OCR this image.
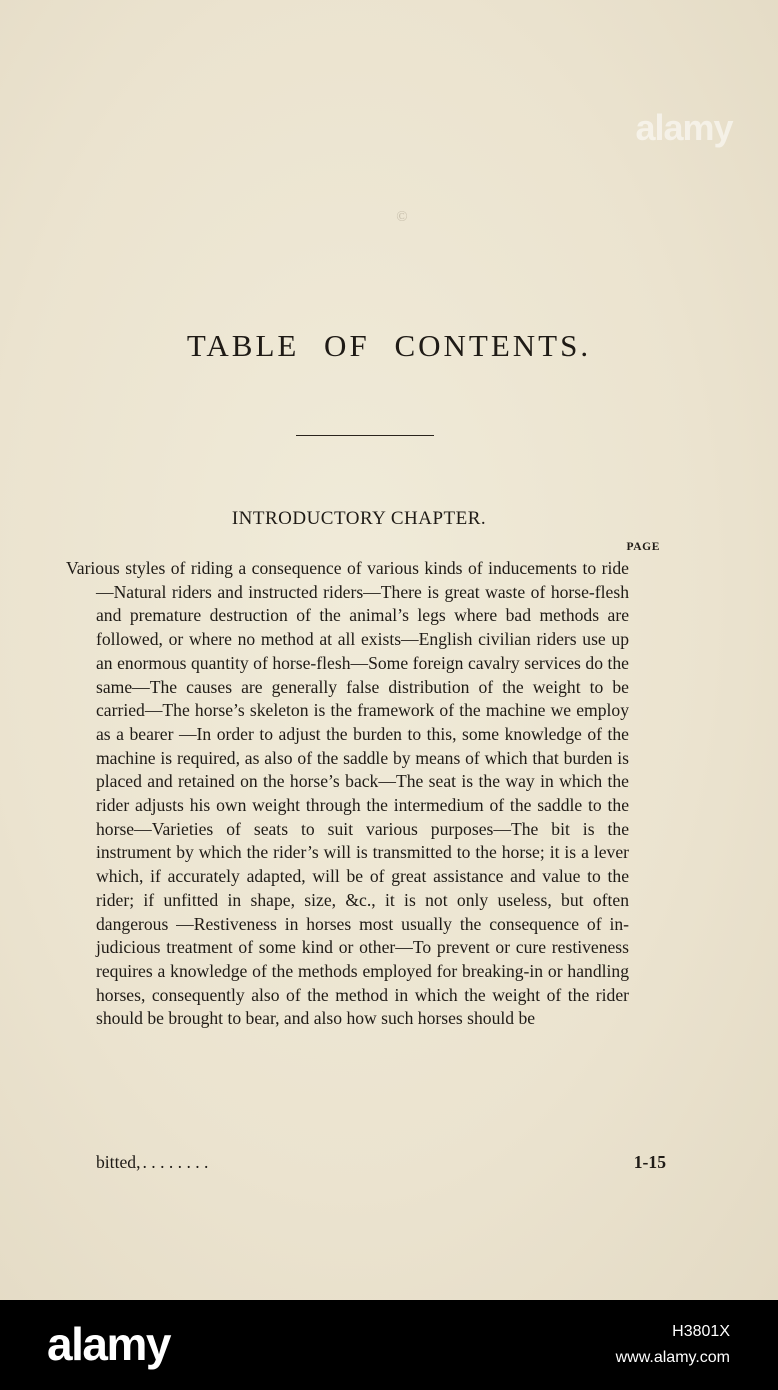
©
alamy
TABLE OF CONTENTS.
INTRODUCTORY CHAPTER.
PAGE

Various styles of riding a consequence of various kinds of inducements to ride—Natural riders and instructed riders—There is great waste of horse-flesh and premature destruction of the animal’s legs where bad methods are followed, or where no method at all exists—English civilian riders use up an enormous quantity of horse-flesh—Some foreign cavalry services do the same—The causes are generally false distribution of the weight to be carried—The horse’s skeleton is the framework of the machine we employ as a bearer —In order to adjust the burden to this, some knowledge of the machine is required, as also of the saddle by means of which that burden is placed and retained on the horse’s back—The seat is the way in which the rider adjusts his own weight through the intermedium of the saddle to the horse—Varieties of seats to suit various purposes—The bit is the instrument by which the rider’s will is transmitted to the horse; it is a lever which, if accurately adapted, will be of great assistance and value to the rider; if unfitted in shape, size, &c., it is not only useless, but often dangerous —Restiveness in horses most usually the consequence of injudicious treatment of some kind or other—To prevent or cure restiveness requires a knowledge of the methods employed for breaking-in or handling horses, consequently also of the method in which the weight of the rider should be brought to bear, and also how such horses should be

bitted, . . . . . . . .	1-15
alamy	H3801X
www.alamy.com
